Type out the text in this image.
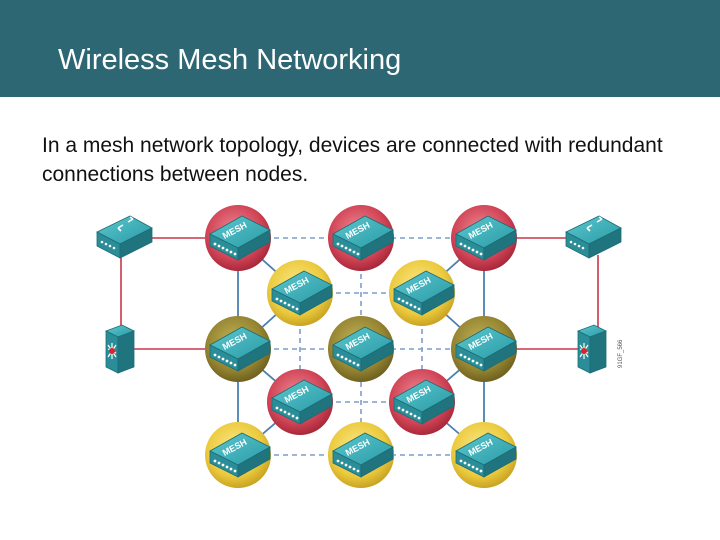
Wireless Mesh Networking
In a mesh network topology, devices are connected with redundant connections between nodes.
MESH	MESH	MESH
MESH	MESH
MESH	MESH	MESH
MESH	MESH
MESH	MESH	MESH
91GF_566
